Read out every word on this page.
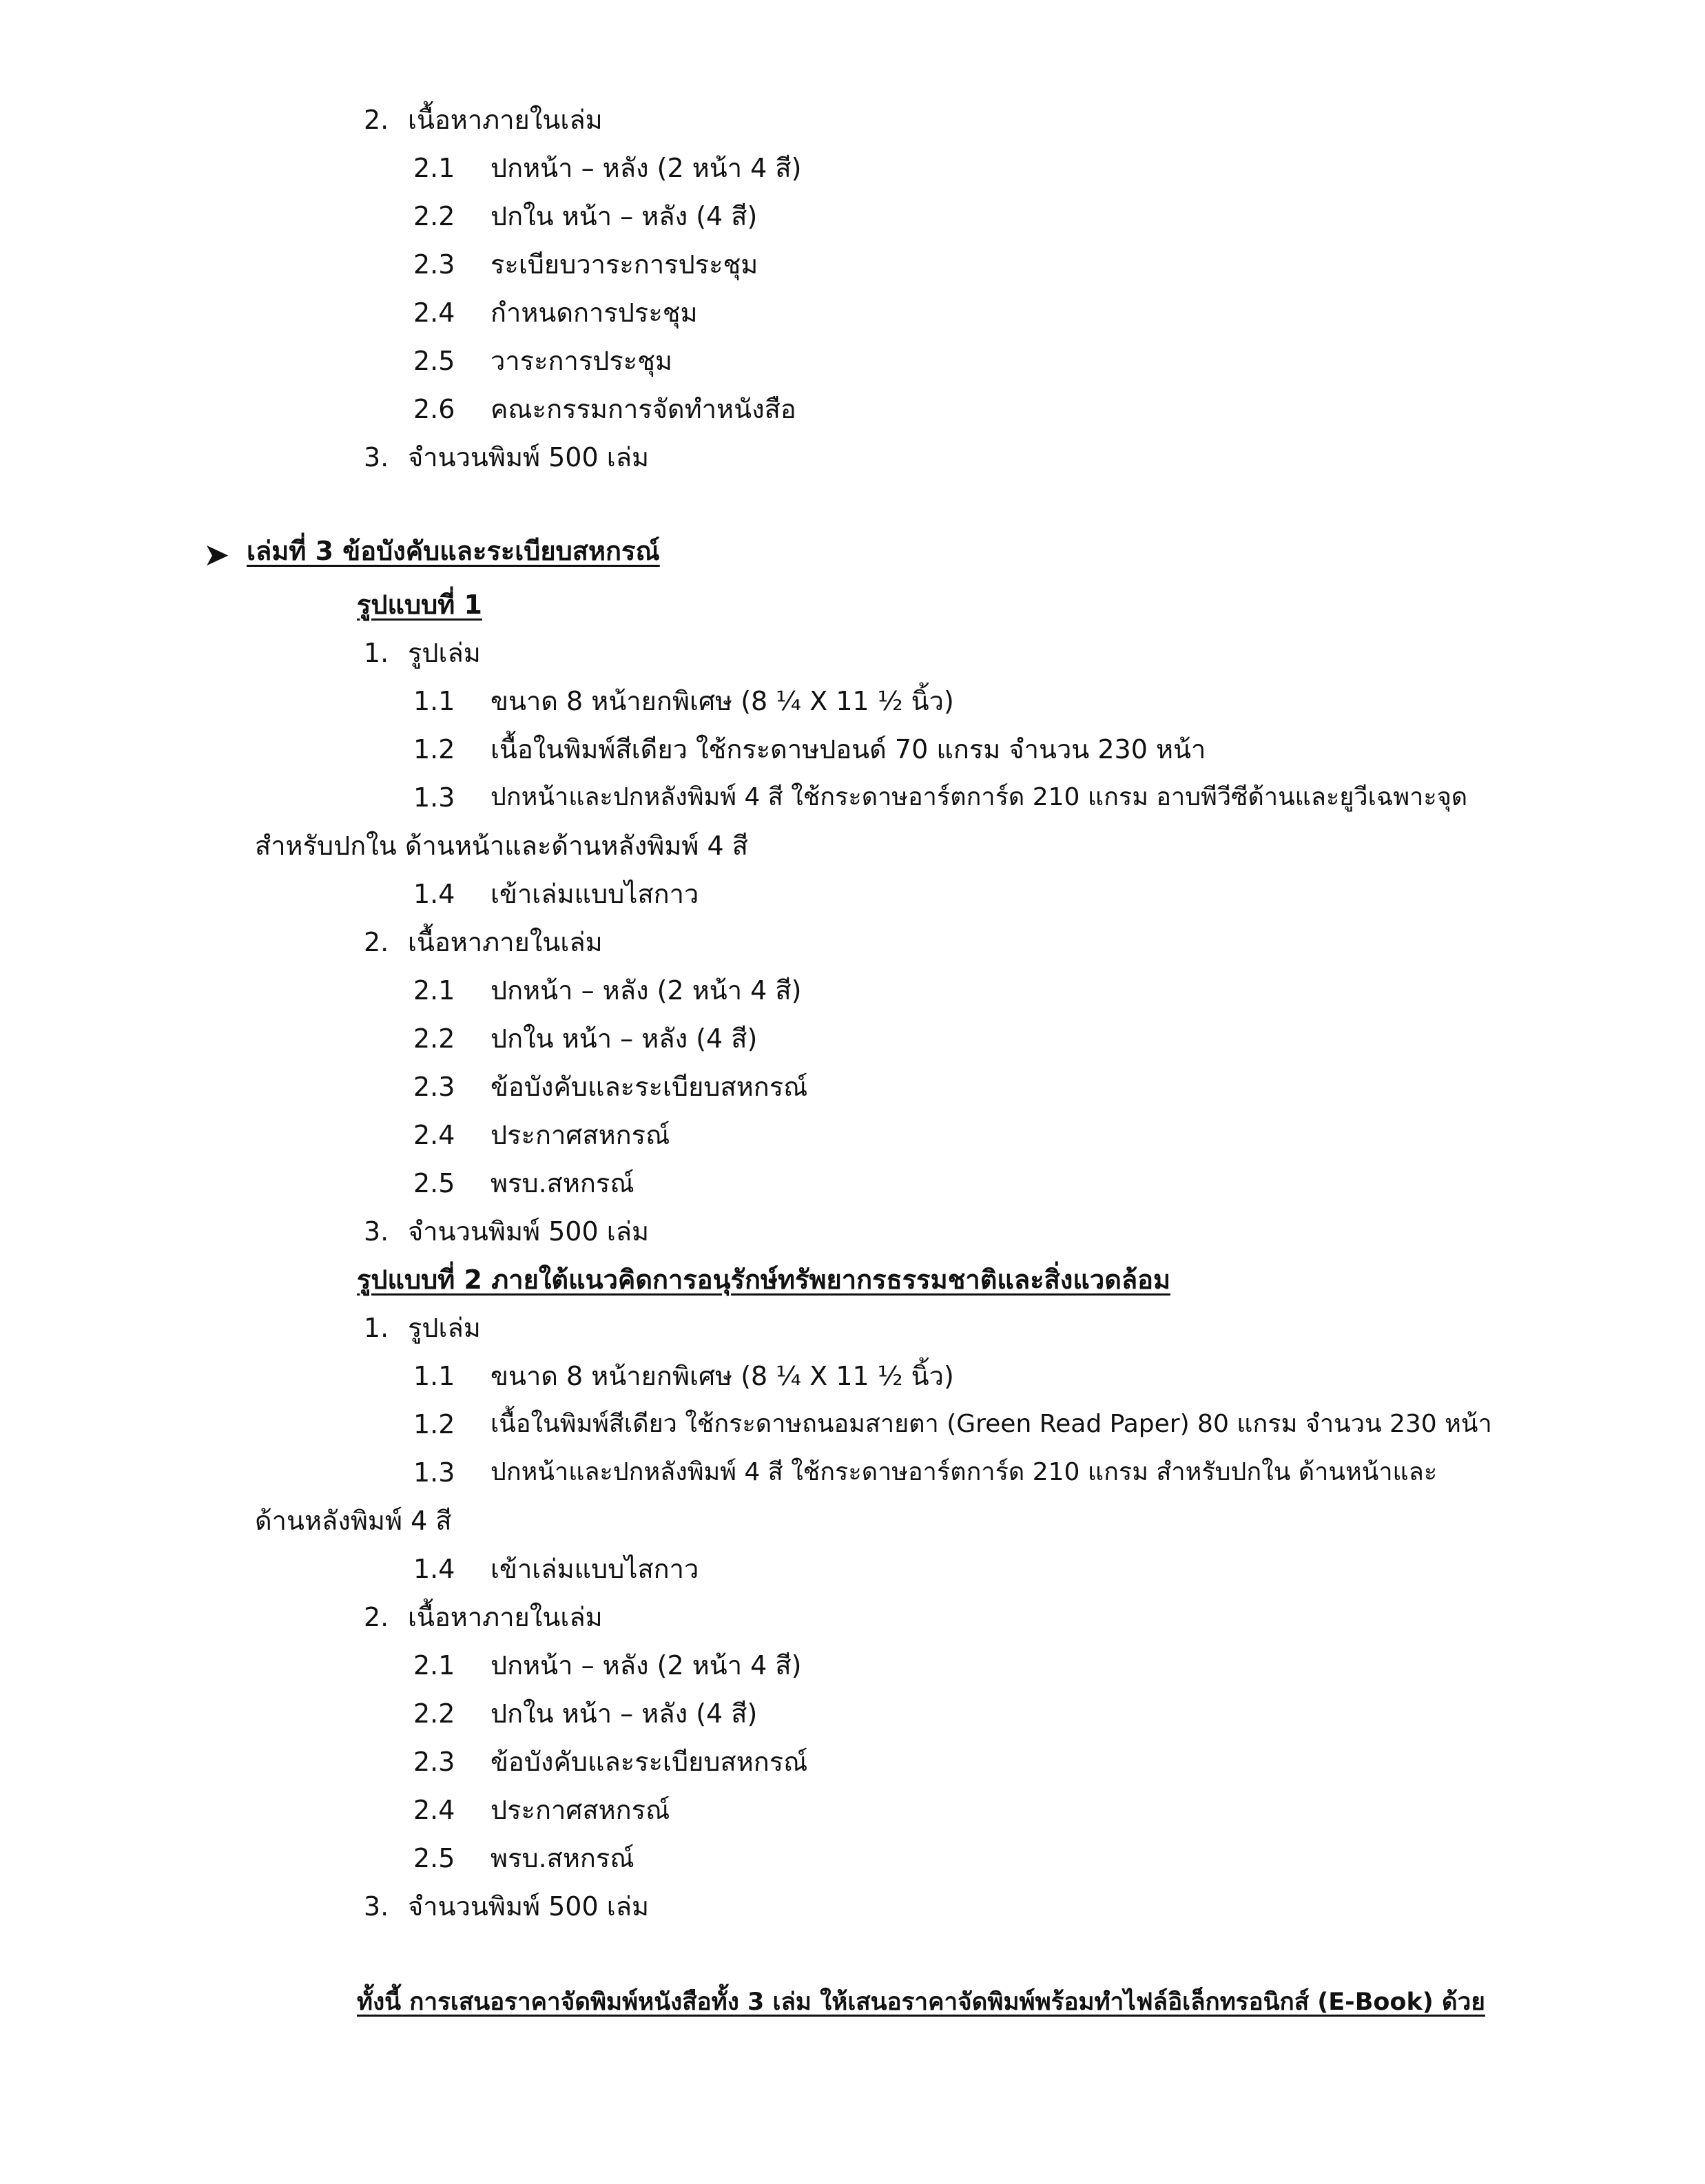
2. เนื้อหาภายในเล่ม
2.1 ปกหน้า – หลัง (2 หน้า 4 สี)
2.2 ปกใน หน้า – หลัง (4 สี)
2.3 ระเบียบวาระการประชุม
2.4 กำหนดการประชุม
2.5 วาระการประชุม
2.6 คณะกรรมการจัดทำหนังสือ
3. จำนวนพิมพ์ 500 เล่ม
➤ เล่มที่ 3 ข้อบังคับและระเบียบสหกรณ์
รูปแบบที่ 1
1. รูปเล่ม
1.1 ขนาด 8 หน้ายกพิเศษ (8 ¼ X 11 ½ นิ้ว)
1.2 เนื้อในพิมพ์สีเดียว ใช้กระดาษปอนด์ 70 แกรม จำนวน 230 หน้า
1.3 ปกหน้าและปกหลังพิมพ์ 4 สี ใช้กระดาษอาร์ตการ์ด 210 แกรม อาบพีวีซีด้านและยูวีเฉพาะจุด
สำหรับปกใน ด้านหน้าและด้านหลังพิมพ์ 4 สี
1.4 เข้าเล่มแบบไสกาว
2. เนื้อหาภายในเล่ม
2.1 ปกหน้า – หลัง (2 หน้า 4 สี)
2.2 ปกใน หน้า – หลัง (4 สี)
2.3 ข้อบังคับและระเบียบสหกรณ์
2.4 ประกาศสหกรณ์
2.5 พรบ.สหกรณ์
3. จำนวนพิมพ์ 500 เล่ม
รูปแบบที่ 2 ภายใต้แนวคิดการอนุรักษ์ทรัพยากรธรรมชาติและสิ่งแวดล้อม
1. รูปเล่ม
1.1 ขนาด 8 หน้ายกพิเศษ (8 ¼ X 11 ½ นิ้ว)
1.2 เนื้อในพิมพ์สีเดียว ใช้กระดาษถนอมสายตา (Green Read Paper) 80 แกรม จำนวน 230 หน้า
1.3 ปกหน้าและปกหลังพิมพ์ 4 สี ใช้กระดาษอาร์ตการ์ด 210 แกรม สำหรับปกใน ด้านหน้าและ
ด้านหลังพิมพ์ 4 สี
1.4 เข้าเล่มแบบไสกาว
2. เนื้อหาภายในเล่ม
2.1 ปกหน้า – หลัง (2 หน้า 4 สี)
2.2 ปกใน หน้า – หลัง (4 สี)
2.3 ข้อบังคับและระเบียบสหกรณ์
2.4 ประกาศสหกรณ์
2.5 พรบ.สหกรณ์
3. จำนวนพิมพ์ 500 เล่ม
ทั้งนี้ การเสนอราคาจัดพิมพ์หนังสือทั้ง 3 เล่ม ให้เสนอราคาจัดพิมพ์พร้อมทำไฟล์อิเล็กทรอนิกส์ (E-Book) ด้วย
